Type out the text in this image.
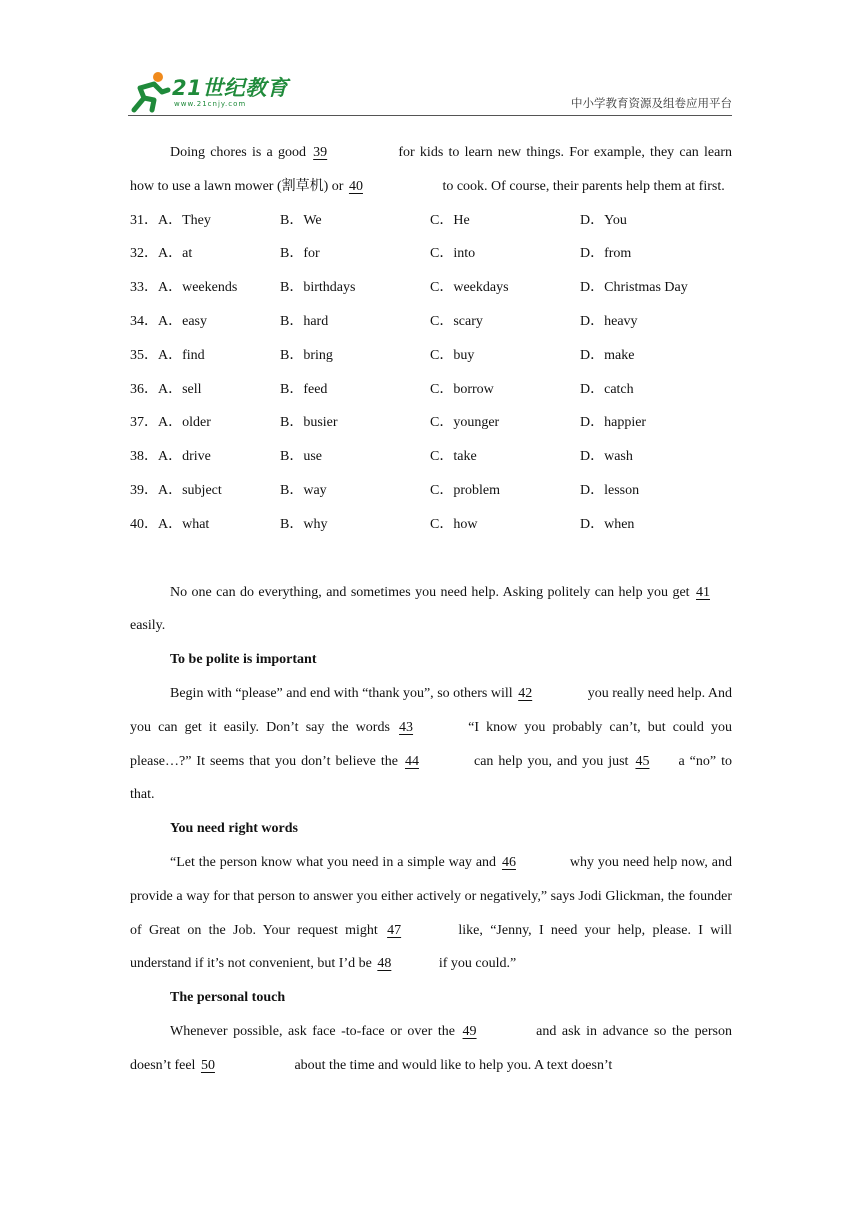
21世纪教育
www.21cnjy.com	中小学教育资源及组卷应用平台
Doing chores is a good 39	for kids to learn new things. For example, they can learn how to use a lawn mower (割草机) or 40	to cook. Of course, their parents help them at first.
31．A．They	B．We	C．He	D．You
32．A．at	B．for	C．into	D．from
33．A．weekends	B．birthdays	C．weekdays	D．Christmas Day
34．A．easy	B．hard	C．scary	D．heavy
35．A．find	B．bring	C．buy	D．make
36．A．sell	B．feed	C．borrow	D．catch
37．A．older	B．busier	C．younger	D．happier
38．A．drive	B．use	C．take	D．wash
39．A．subject	B．way	C．problem	D．lesson
40．A．what	B．why	C．how	D．when
No one can do everything, and sometimes you need help. Asking politely can help you get 41 easily.
To be polite is important
Begin with “please” and end with “thank you”, so others will 42	you really need help. And you can get it easily. Don’t say the words 43	“I know you probably can’t, but could you please…?” It seems that you don’t believe the 44	can help you, and you just 45 a “no” to that.
You need right words
“Let the person know what you need in a simple way and 46	why you need help now, and provide a way for that person to answer you either actively or negatively,” says Jodi Glickman, the founder of Great on the Job. Your request might 47	like, “Jenny, I need your help, please. I will understand if it’s not convenient, but I’d be 48	if you could.”
The personal touch
Whenever possible, ask face -to-face or over the 49	and ask in advance so the person doesn’t feel 50	about the time and would like to help you. A text doesn’t
